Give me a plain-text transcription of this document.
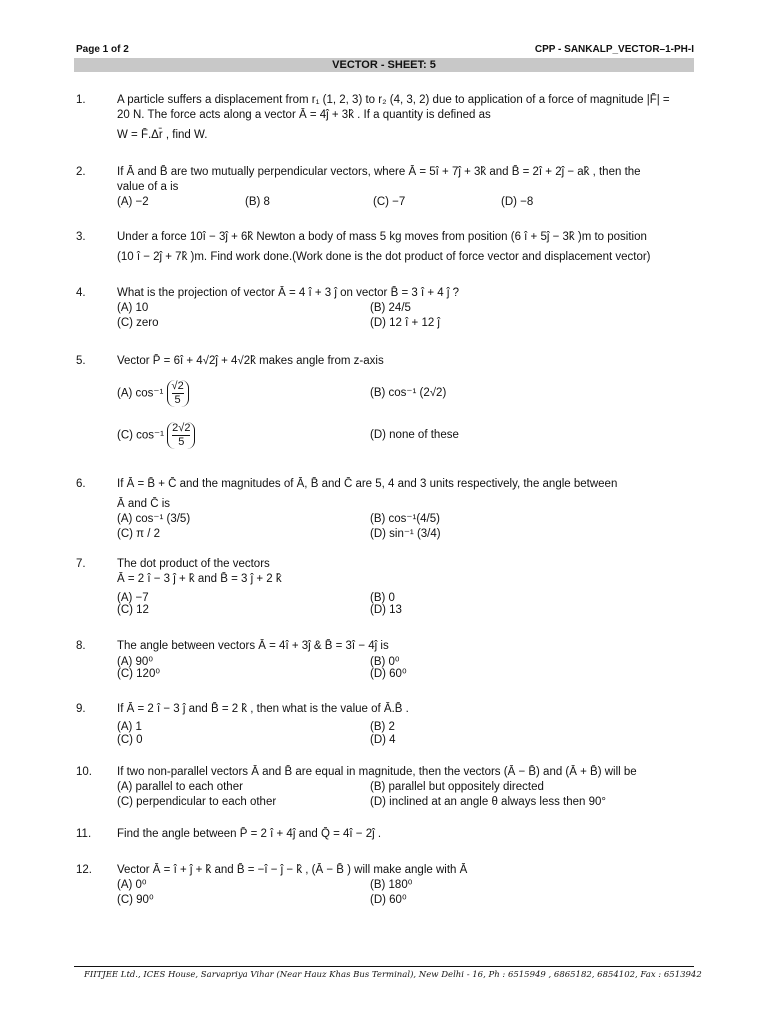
Page 1 of 2	CPP - SANKALP_VECTOR–1-PH-I
VECTOR - SHEET: 5
1.	A particle suffers a displacement from r₁ (1, 2, 3) to r₂ (4, 3, 2) due to application of a force of magnitude |F̄| =
20 N. The force acts along a vector Ā = 4ĵ + 3k̂ . If a quantity is defined as
W = F̄.Δr̄ , find W.
2.	If Ā and B̄ are two mutually perpendicular vectors, where Ā = 5î + 7ĵ + 3k̂ and B̄ = 2î + 2ĵ − ak̂ , then the
value of a is
(A) −2	(B) 8	(C) −7	(D) −8
3.	Under a force 10î − 3ĵ + 6k̂ Newton a body of mass 5 kg moves from position (6 î + 5ĵ − 3k̂ )m to position
(10 î − 2ĵ + 7k̂ )m. Find work done.(Work done is the dot product of force vector and displacement vector)
4.	What is the projection of vector Ā = 4 î + 3 ĵ on vector B̄ = 3 î + 4 ĵ ?
(A) 10	(B) 24/5
(C) zero	(D) 12 î + 12 ĵ
5.	Vector P̄ = 6î + 4√2ĵ + 4√2k̂ makes angle from z-axis
(A) $\cos^{-1} \frac{√2}{5}$	(B) cos⁻¹ (2√2)
(C) $\cos^{-1} \frac{2√2}{5}$	(D) none of these
6.	If Ā = B̄ + C̄ and the magnitudes of Ā, B̄ and C̄ are 5, 4 and 3 units respectively, the angle between
Ā and C̄ is
(A) cos⁻¹ (3/5)	(B) cos⁻¹(4/5)
(C) π / 2	(D) sin⁻¹ (3/4)
7.	The dot product of the vectors
Ā = 2 î − 3 ĵ + k̂ and B̄ = 3 ĵ + 2 k̂
(A) −7	(B) 0
(C) 12	(D) 13
8.	The angle between vectors Ā = 4î + 3ĵ & B̄ = 3î − 4ĵ is
(A) 90⁰	(B) 0⁰
(C) 120⁰	(D) 60⁰
9.	If Ā = 2 î − 3 ĵ and B̄ = 2 k̂ , then what is the value of Ā.B̄ .
(A) 1	(B) 2
(C) 0	(D) 4
10.	If two non-parallel vectors Ā and B̄ are equal in magnitude, then the vectors (Ā − B̄) and (Ā + B̄) will be
(A) parallel to each other	(B) parallel but oppositely directed
(C) perpendicular to each other	(D) inclined at an angle θ always less then 90°
11.	Find the angle between P̄ = 2 î + 4ĵ and Q̄ = 4î − 2ĵ .
12.	Vector Ā = î + ĵ + k̂ and B̄ = −î − ĵ − k̂ , (Ā − B̄ ) will make angle with Ā
(A) 0⁰	(B) 180⁰
(C) 90⁰	(D) 60⁰
FIITJEE Ltd., ICES House, Sarvapriya Vihar (Near Hauz Khas Bus Terminal), New Delhi - 16, Ph : 6515949 , 6865182, 6854102, Fax : 6513942
